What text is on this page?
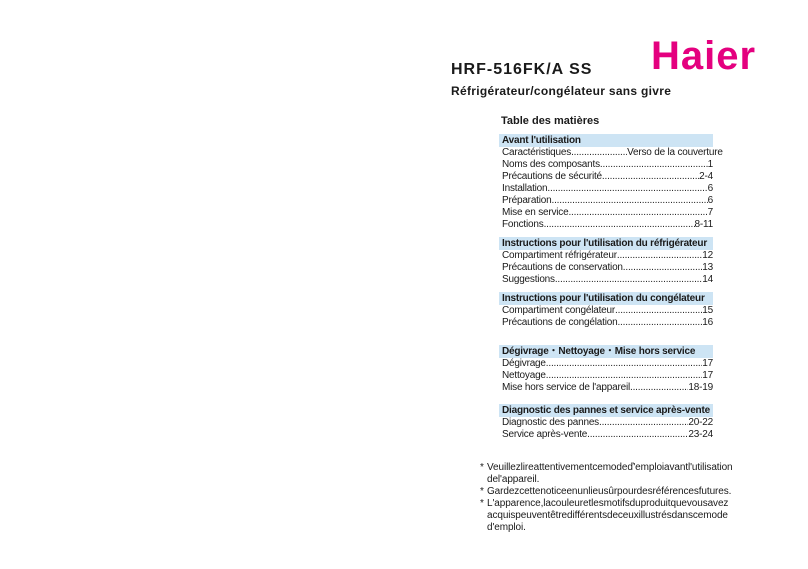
Haier
HRF-516FK/A SS
Réfrigérateur/congélateur sans givre
Table des matières
Avant l'utilisation
Caractéristiques .....	Verso de la couverture
Noms des composants .....	1
Précautions de sécurité .....	2-4
Installation .....	6
Préparation .....	6
Mise en service .....	7
Fonctions .....	8-11
Instructions pour l'utilisation du réfrigérateur
Compartiment réfrigérateur .....	12
Précautions de conservation .....	13
Suggestions .....	14
Instructions pour l'utilisation du congélateur
Compartiment congélateur .....	15
Précautions de congélation .....	16
Dégivrage・Nettoyage・Mise hors service
Dégivrage .....	17
Nettoyage .....	17
Mise hors service de l'appareil .....	18-19
Diagnostic des pannes et service après-vente
Diagnostic des pannes .....	20-22
Service après-vente .....	23-24
* Veuillezlireattentivementcemodeď'emploiavantl'utilisation del'appareil.
* Gardezcettenoticeenunlieusûrpourdesréférencesfutures.
* L'apparence,lacouleuretlesmotifsduproduitquevousavez acquispeuventêtredifférentsdeceuxillustrésdanscemode d'emploi.
